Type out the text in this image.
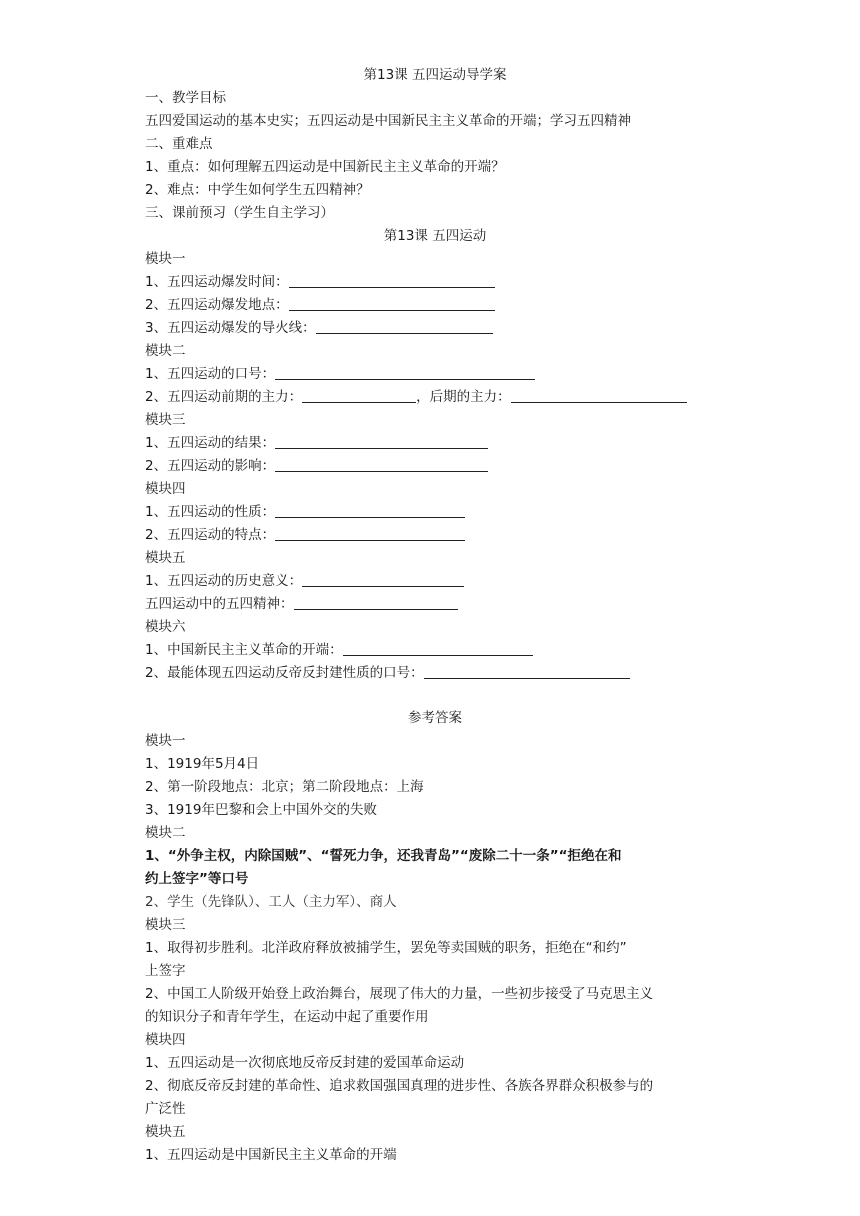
第13课 五四运动导学案
一、教学目标
五四爱国运动的基本史实；五四运动是中国新民主主义革命的开端；学习五四精神
二、重难点
1、重点：如何理解五四运动是中国新民主主义革命的开端？
2、难点：中学生如何学生五四精神？
三、课前预习（学生自主学习）
第13课 五四运动
模块一
1、五四运动爆发时间：
2、五四运动爆发地点：
3、五四运动爆发的导火线：
模块二
1、五四运动的口号：
2、五四运动前期的主力：	，后期的主力：
模块三
1、五四运动的结果：
2、五四运动的影响：
模块四
1、五四运动的性质：
2、五四运动的特点：
模块五
1、五四运动的历史意义：
五四运动中的五四精神：
模块六
1、中国新民主主义革命的开端：
2、最能体现五四运动反帝反封建性质的口号：
参考答案
模块一
1、1919年5月4日
2、第一阶段地点：北京；第二阶段地点：上海
3、1919年巴黎和会上中国外交的失败
模块二
1、“外争主权，内除国贼”、“誓死力争，还我青岛”“废除二十一条”“拒绝在和
约上签字”等口号
2、学生（先锋队）、工人（主力军）、商人
模块三
1、取得初步胜利。北洋政府释放被捕学生，罢免等卖国贼的职务，拒绝在“和约”
上签字
2、中国工人阶级开始登上政治舞台，展现了伟大的力量，一些初步接受了马克思主义
的知识分子和青年学生，在运动中起了重要作用
模块四
1、五四运动是一次彻底地反帝反封建的爱国革命运动
2、彻底反帝反封建的革命性、追求救国强国真理的进步性、各族各界群众积极参与的
广泛性
模块五
1、五四运动是中国新民主主义革命的开端
